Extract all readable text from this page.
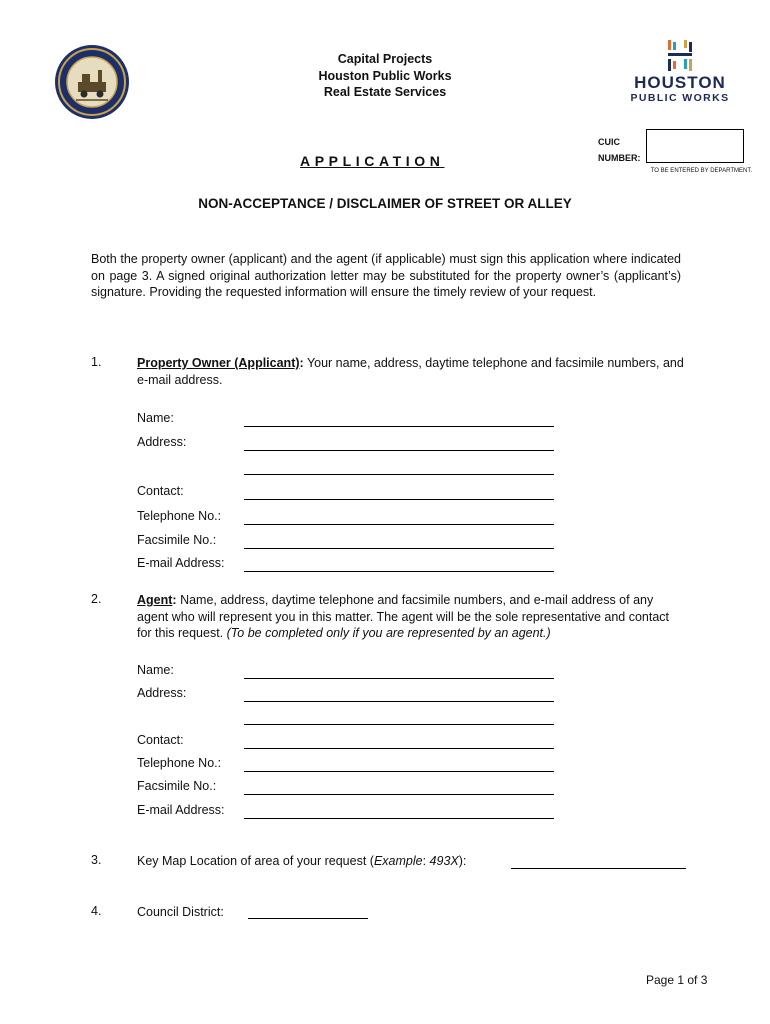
Capital Projects
Houston Public Works
Real Estate Services	HOUSTON
PUBLIC WORKS
CUIC
NUMBER:
TO BE ENTERED BY DEPARTMENT.
APPLICATION
NON-ACCEPTANCE / DISCLAIMER OF STREET OR ALLEY
Both the property owner (applicant) and the agent (if applicable) must sign this application where indicated on page 3. A signed original authorization letter may be substituted for the property owner’s (applicant’s) signature. Providing the requested information will ensure the timely review of your request.
1.	Property Owner (Applicant): Your name, address, daytime telephone and facsimile numbers, and e-mail address.
Name:
Address:
Contact:
Telephone No.:
Facsimile No.:
E-mail Address:
2.	Agent: Name, address, daytime telephone and facsimile numbers, and e-mail address of any agent who will represent you in this matter. The agent will be the sole representative and contact for this request. (To be completed only if you are represented by an agent.)
Name:
Address:
Contact:
Telephone No.:
Facsimile No.:
E-mail Address:
3.	Key Map Location of area of your request (Example: 493X):
4.	Council District:
Page 1 of 3
